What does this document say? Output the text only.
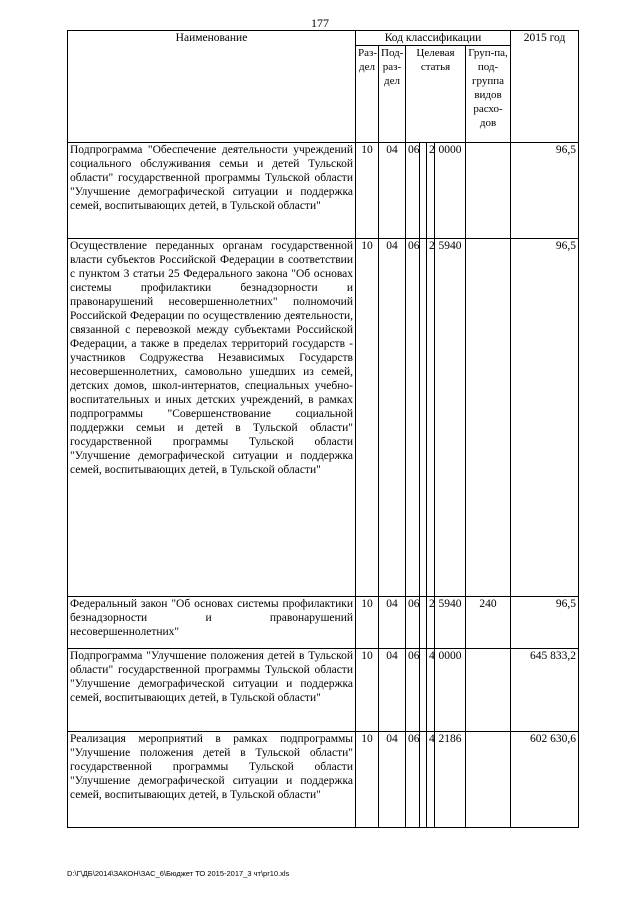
177
Наименование	Код классификации							2015 год
	Раз-дел	Под-раз-дел	Целевая статья				Груп-па, под-группа видов расхо-дов	
Подпрограмма "Обеспечение деятельности учреждений социального обслуживания семьи и детей Тульской области" государственной программы Тульской области "Улучшение демографической ситуации и поддержка семей, воспитывающих детей, в Тульской области"	10	04	06		2	0000		96,5
Осуществление переданных органам государственной власти субъектов Российской Федерации в соответствии с пунктом 3 статьи 25 Федерального закона "Об основах системы профилактики безнадзорности и правонарушений несовершеннолетних" полномочий Российской Федерации по осуществлению деятельности, связанной с перевозкой между субъектами Российской Федерации, а также в пределах территорий государств - участников Содружества Независимых Государств несовершеннолетних, самовольно ушедших из семей, детских домов, школ-интернатов, специальных учебно-воспитательных и иных детских учреждений, в рамках подпрограммы "Совершенствование социальной поддержки семьи и детей в Тульской области" государственной программы Тульской области "Улучшение демографической ситуации и поддержка семей, воспитывающих детей, в Тульской области"	10	04	06		2	5940		96,5
Федеральный закон "Об основах системы профилактики безнадзорности и правонарушений несовершеннолетних"	10	04	06		2	5940	240	96,5
Подпрограмма "Улучшение положения детей в Тульской области" государственной программы Тульской области "Улучшение демографической ситуации и поддержка семей, воспитывающих детей, в Тульской области"	10	04	06		4	0000		645 833,2
Реализация мероприятий в рамках подпрограммы "Улучшение положения детей в Тульской области" государственной программы Тульской области "Улучшение демографической ситуации и поддержка семей, воспитывающих детей, в Тульской области"	10	04	06		4	2186		602 630,6
D:\Г\ДБ\2014\ЗАКОН\ЗАС_6\Бюджет ТО 2015-2017_3 чт\pr10.xls
